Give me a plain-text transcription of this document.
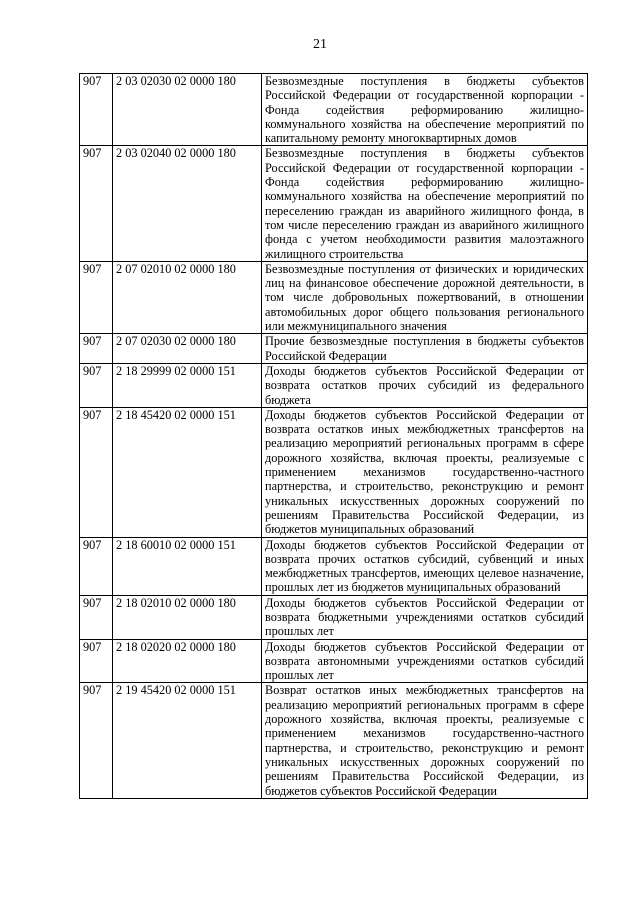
21
907	2 03 02030 02 0000 180	Безвозмездные поступления в бюджеты субъектов Российской Федерации от государственной корпорации - Фонда содействия реформированию жилищно-коммунального хозяйства на обеспечение мероприятий по капитальному ремонту многоквартирных домов
907	2 03 02040 02 0000 180	Безвозмездные поступления в бюджеты субъектов Российской Федерации от государственной корпорации - Фонда содействия реформированию жилищно-коммунального хозяйства на обеспечение мероприятий по переселению граждан из аварийного жилищного фонда, в том числе переселению граждан из аварийного жилищного фонда с учетом необходимости развития малоэтажного жилищного строительства
907	2 07 02010 02 0000 180	Безвозмездные поступления от физических и юридических лиц на финансовое обеспечение дорожной деятельности, в том числе добровольных пожертвований, в отношении автомобильных дорог общего пользования регионального или межмуниципального значения
907	2 07 02030 02 0000 180	Прочие безвозмездные поступления в бюджеты субъектов Российской Федерации
907	2 18 29999 02 0000 151	Доходы бюджетов субъектов Российской Федерации от возврата остатков прочих субсидий из федерального бюджета
907	2 18 45420 02 0000 151	Доходы бюджетов субъектов Российской Федерации от возврата остатков иных межбюджетных трансфертов на реализацию мероприятий региональных программ в сфере дорожного хозяйства, включая проекты, реализуемые с применением механизмов государственно-частного партнерства, и строительство, реконструкцию и ремонт уникальных искусственных дорожных сооружений по решениям Правительства Российской Федерации, из бюджетов муниципальных образований
907	2 18 60010 02 0000 151	Доходы бюджетов субъектов Российской Федерации от возврата прочих остатков субсидий, субвенций и иных межбюджетных трансфертов, имеющих целевое назначение, прошлых лет из бюджетов муниципальных образований
907	2 18 02010 02 0000 180	Доходы бюджетов субъектов Российской Федерации от возврата бюджетными учреждениями остатков субсидий прошлых лет
907	2 18 02020 02 0000 180	Доходы бюджетов субъектов Российской Федерации от возврата автономными учреждениями остатков субсидий прошлых лет
907	2 19 45420 02 0000 151	Возврат остатков иных межбюджетных трансфертов на реализацию мероприятий региональных программ в сфере дорожного хозяйства, включая проекты, реализуемые с применением механизмов государственно-частного партнерства, и строительство, реконструкцию и ремонт уникальных искусственных дорожных сооружений по решениям Правительства Российской Федерации, из бюджетов субъектов Российской Федерации
